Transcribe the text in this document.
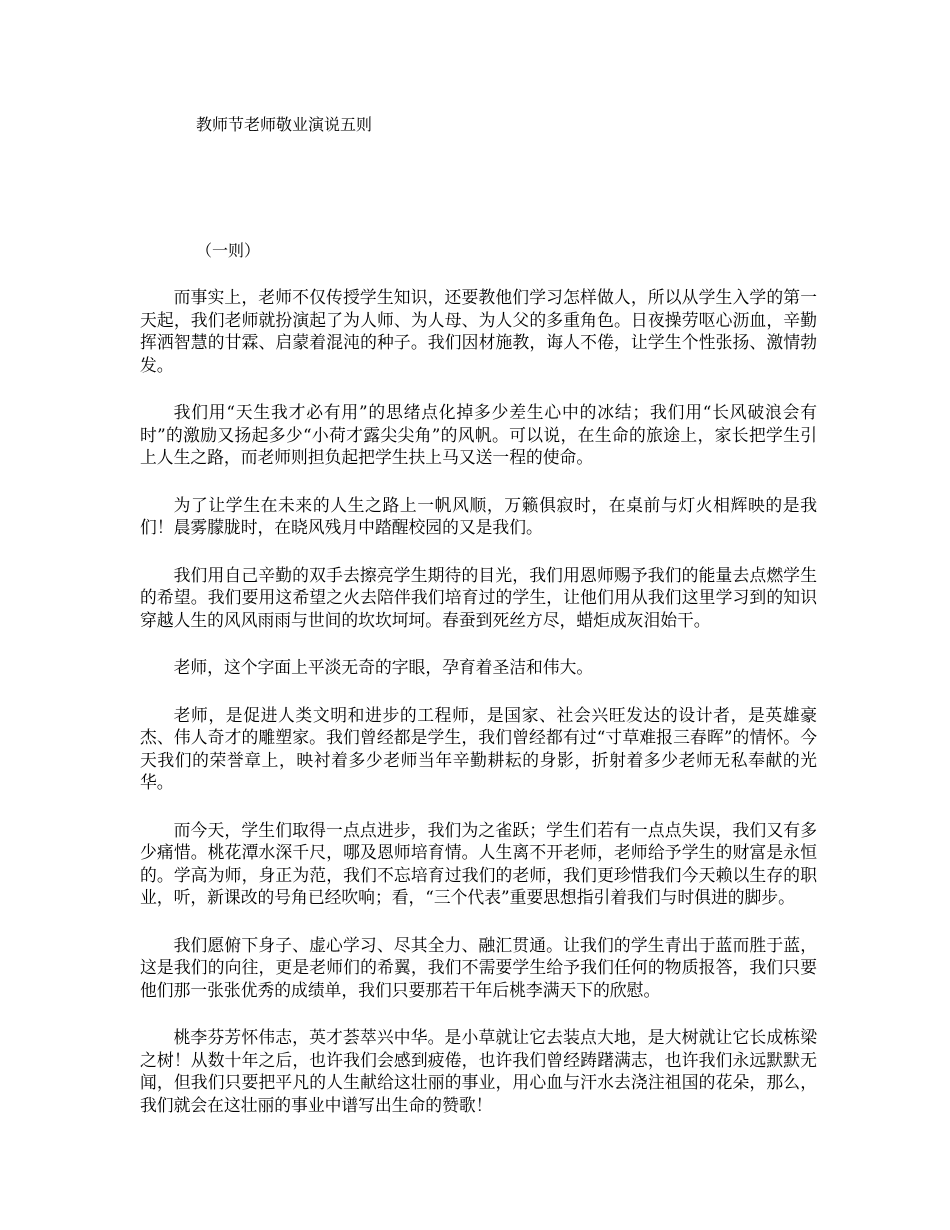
教师节老师敬业演说五则
（一则）

而事实上，老师不仅传授学生知识，还要教他们学习怎样做人，所以从学生入学的第一天起，我们老师就扮演起了为人师、为人母、为人父的多重角色。日夜操劳呕心沥血，辛勤挥洒智慧的甘霖、启蒙着混沌的种子。我们因材施教，诲人不倦，让学生个性张扬、激情勃发。

我们用“天生我才必有用”的思绪点化掉多少差生心中的冰结；我们用“长风破浪会有时”的激励又扬起多少“小荷才露尖尖角”的风帆。可以说，在生命的旅途上，家长把学生引上人生之路，而老师则担负起把学生扶上马又送一程的使命。

为了让学生在未来的人生之路上一帆风顺，万籁俱寂时，在桌前与灯火相辉映的是我们！晨雾朦胧时，在晓风残月中踏醒校园的又是我们。

我们用自己辛勤的双手去擦亮学生期待的目光，我们用恩师赐予我们的能量去点燃学生的希望。我们要用这希望之火去陪伴我们培育过的学生，让他们用从我们这里学习到的知识穿越人生的风风雨雨与世间的坎坎坷坷。春蚕到死丝方尽，蜡炬成灰泪始干。

老师，这个字面上平淡无奇的字眼，孕育着圣洁和伟大。

老师，是促进人类文明和进步的工程师，是国家、社会兴旺发达的设计者，是英雄豪杰、伟人奇才的雕塑家。我们曾经都是学生，我们曾经都有过“寸草难报三春晖”的情怀。今天我们的荣誉章上，映衬着多少老师当年辛勤耕耘的身影，折射着多少老师无私奉献的光华。

而今天，学生们取得一点点进步，我们为之雀跃；学生们若有一点点失误，我们又有多少痛惜。桃花潭水深千尺，哪及恩师培育情。人生离不开老师，老师给予学生的财富是永恒的。学高为师，身正为范，我们不忘培育过我们的老师，我们更珍惜我们今天赖以生存的职业，听，新课改的号角已经吹响；看，“三个代表”重要思想指引着我们与时俱进的脚步。

我们愿俯下身子、虚心学习、尽其全力、融汇贯通。让我们的学生青出于蓝而胜于蓝，这是我们的向往，更是老师们的希翼，我们不需要学生给予我们任何的物质报答，我们只要他们那一张张优秀的成绩单，我们只要那若干年后桃李满天下的欣慰。

桃李芬芳怀伟志，英才荟萃兴中华。是小草就让它去装点大地，是大树就让它长成栋梁之树！从数十年之后，也许我们会感到疲倦，也许我们曾经踌躇满志，也许我们永远默默无闻，但我们只要把平凡的人生献给这壮丽的事业，用心血与汗水去浇注祖国的花朵，那么，我们就会在这壮丽的事业中谱写出生命的赞歌！
